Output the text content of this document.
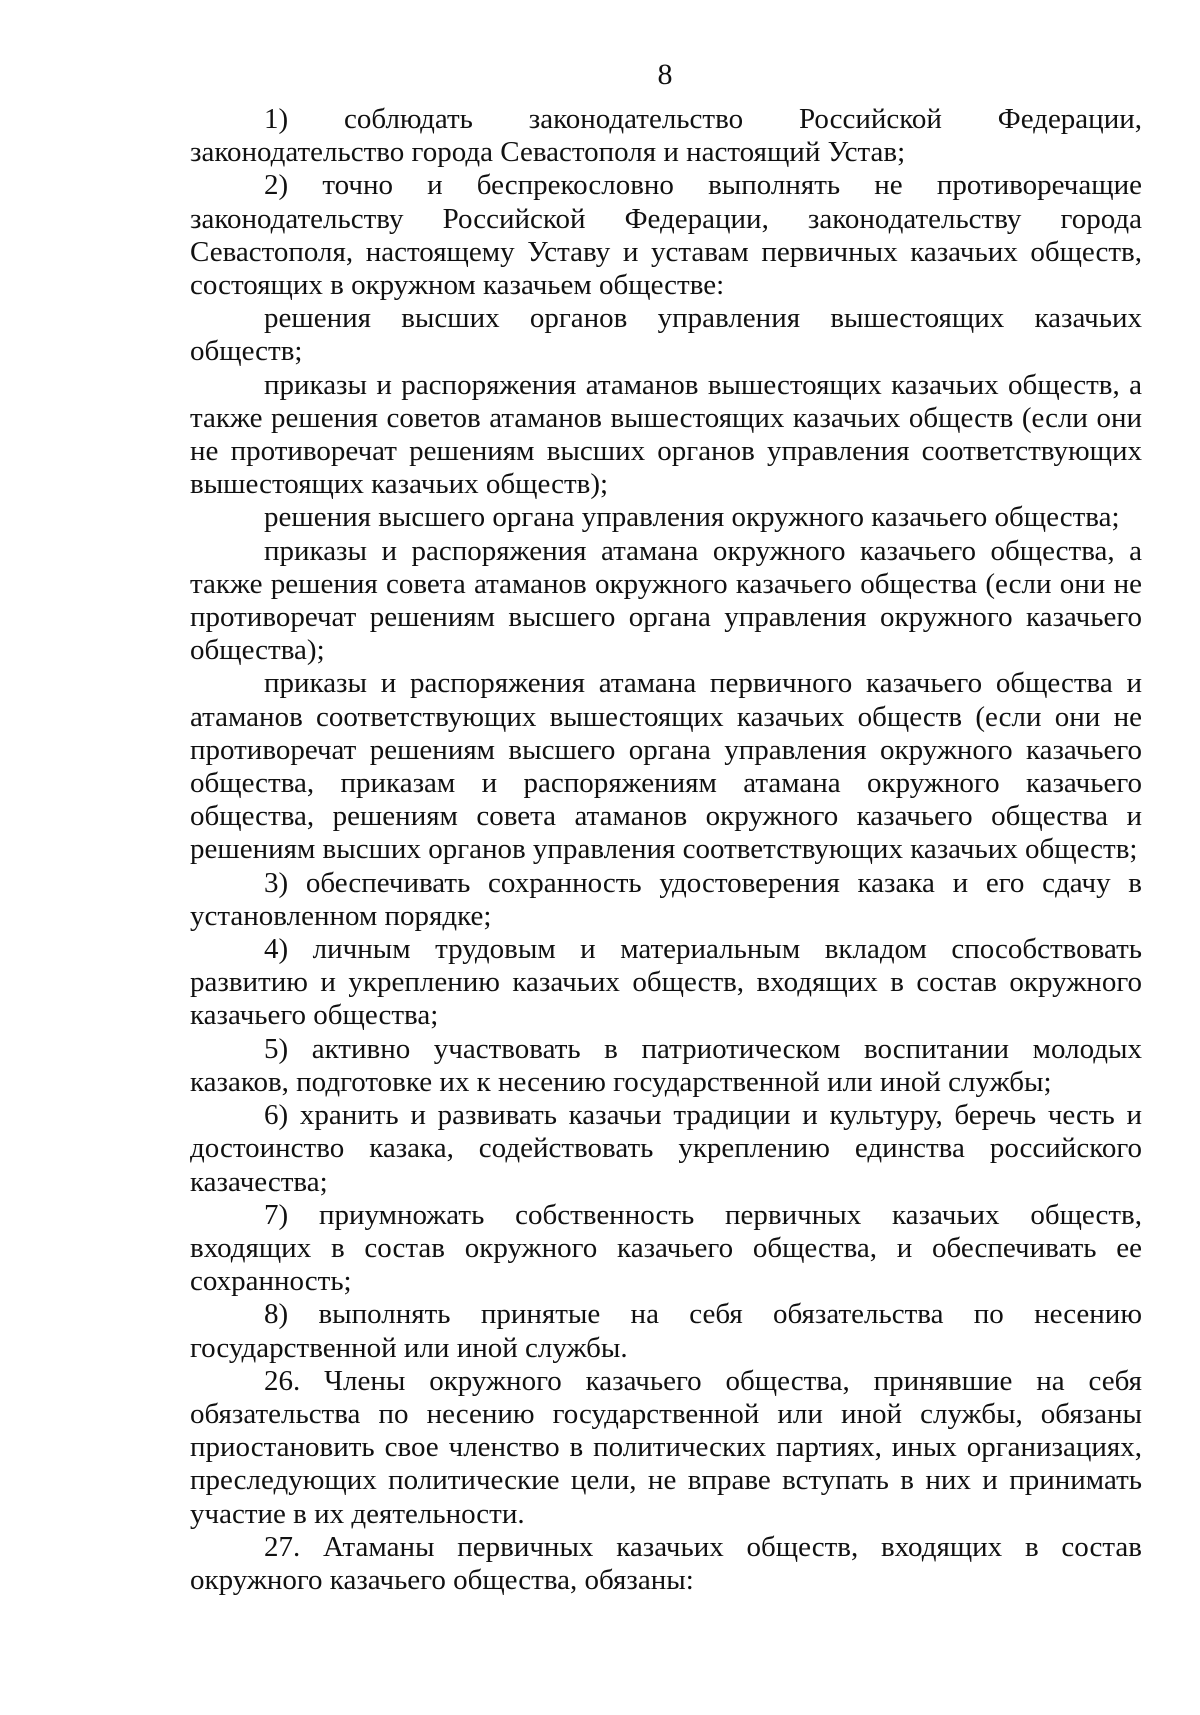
8

1) соблюдать законодательство Российской Федерации, законодательство города Севастополя и настоящий Устав;

2) точно и беспрекословно выполнять не противоречащие законодательству Российской Федерации, законодательству города Севастополя, настоящему Уставу и уставам первичных казачьих обществ, состоящих в окружном казачьем обществе:

решения высших органов управления вышестоящих казачьих обществ;

приказы и распоряжения атаманов вышестоящих казачьих обществ, а также решения советов атаманов вышестоящих казачьих обществ (если они не противоречат решениям высших органов управления соответствующих вышестоящих казачьих обществ);

решения высшего органа управления окружного казачьего общества;

приказы и распоряжения атамана окружного казачьего общества, а также решения совета атаманов окружного казачьего общества (если они не противоречат решениям высшего органа управления окружного казачьего общества);

приказы и распоряжения атамана первичного казачьего общества и атаманов соответствующих вышестоящих казачьих обществ (если они не противоречат решениям высшего органа управления окружного казачьего общества, приказам и распоряжениям атамана окружного казачьего общества, решениям совета атаманов окружного казачьего общества и решениям высших органов управления соответствующих казачьих обществ;

3) обеспечивать сохранность удостоверения казака и его сдачу в установленном порядке;

4) личным трудовым и материальным вкладом способствовать развитию и укреплению казачьих обществ, входящих в состав окружного казачьего общества;

5) активно участвовать в патриотическом воспитании молодых казаков, подготовке их к несению государственной или иной службы;

6) хранить и развивать казачьи традиции и культуру, беречь честь и достоинство казака, содействовать укреплению единства российского казачества;

7) приумножать собственность первичных казачьих обществ, входящих в состав окружного казачьего общества, и обеспечивать ее сохранность;

8) выполнять принятые на себя обязательства по несению государственной или иной службы.

26. Члены окружного казачьего общества, принявшие на себя обязательства по несению государственной или иной службы, обязаны приостановить свое членство в политических партиях, иных организациях, преследующих политические цели, не вправе вступать в них и принимать участие в их деятельности.

27. Атаманы первичных казачьих обществ, входящих в состав окружного казачьего общества, обязаны:
